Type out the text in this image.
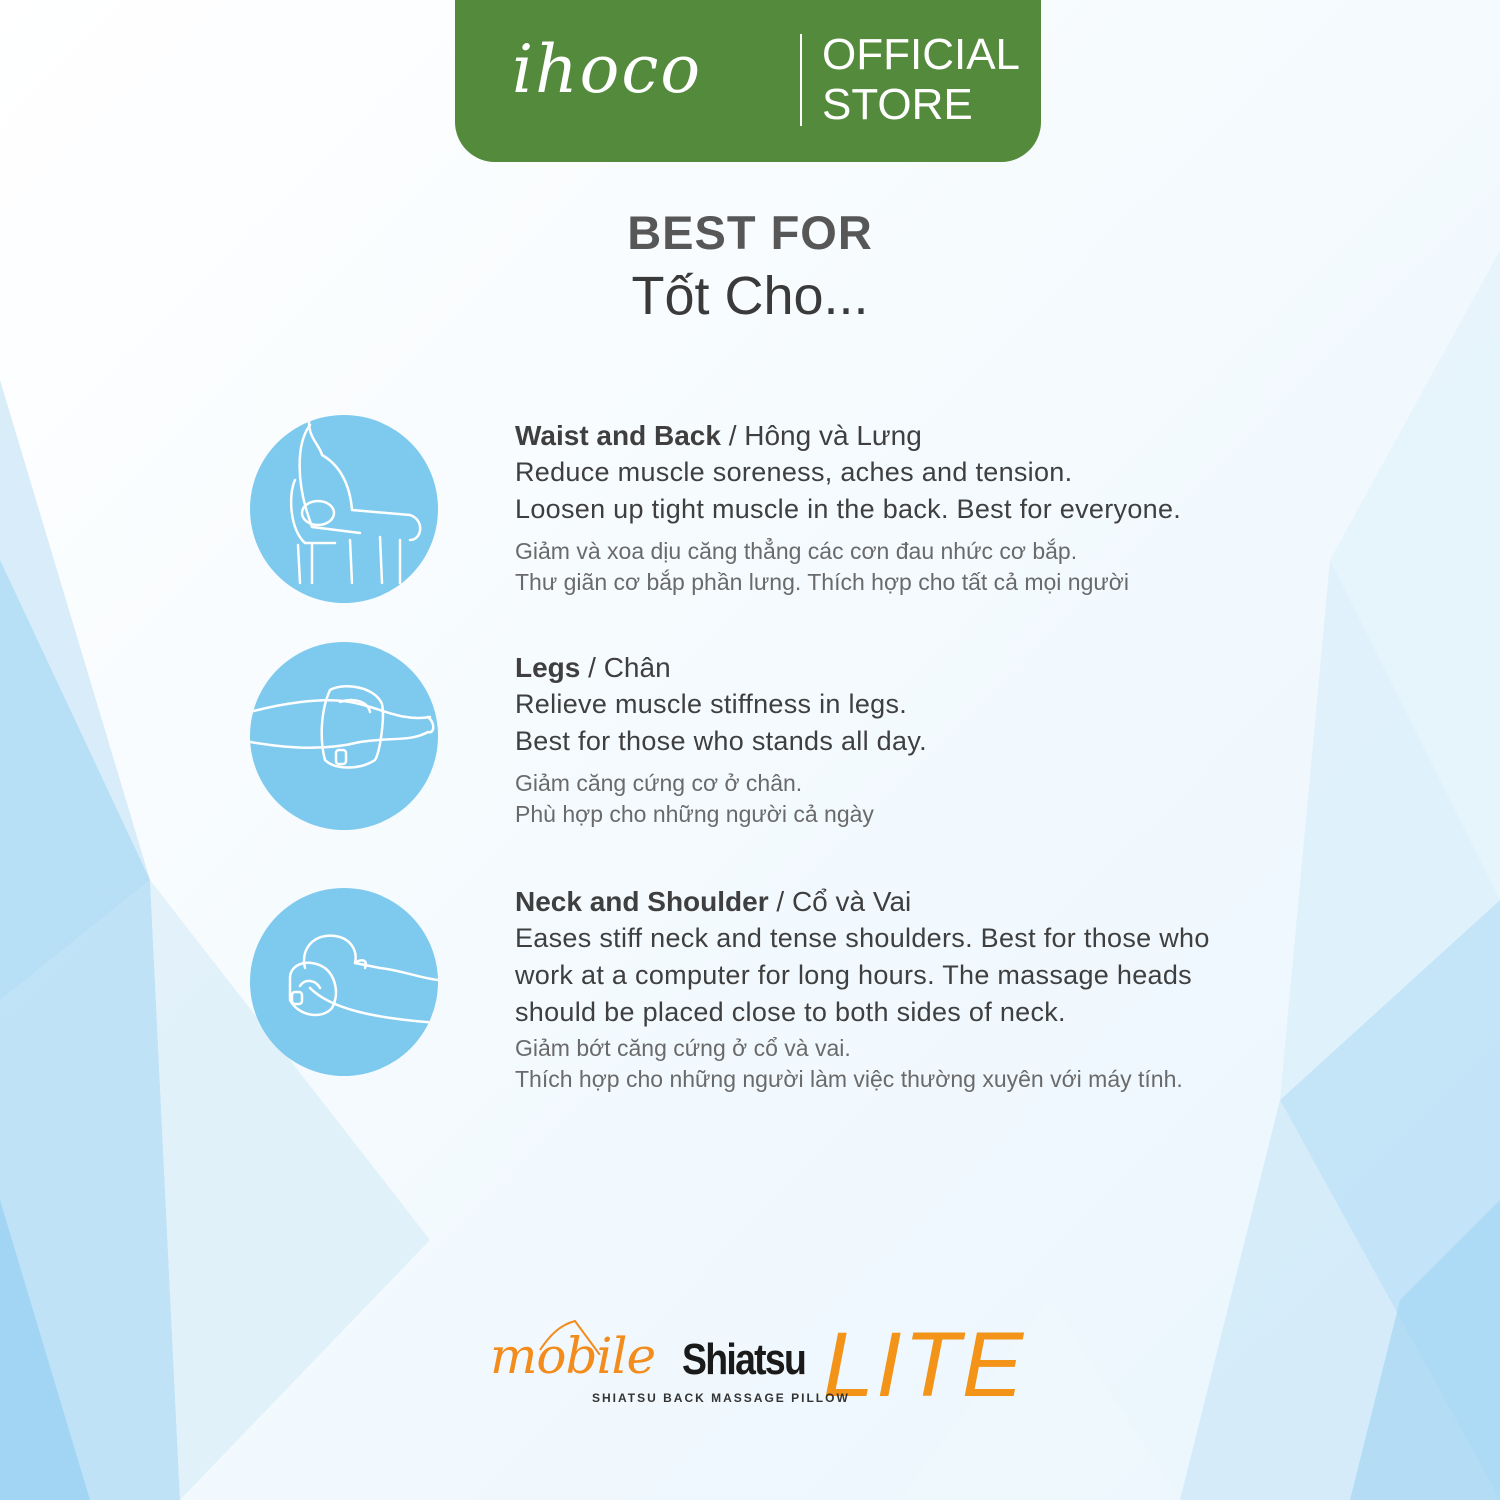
ihoco	OFFICIAL
STORE
BEST FOR
Tốt Cho...
Waist and Back / Hông và Lưng
Reduce muscle soreness, aches and tension.
Loosen up tight muscle in the back. Best for everyone.
Giảm và xoa dịu căng thẳng các cơn đau nhức cơ bắp.
Thư giãn cơ bắp phần lưng. Thích hợp cho tất cả mọi người
Legs / Chân
Relieve muscle stiffness in legs.
Best for those who stands all day.
Giảm căng cứng cơ ở chân.
Phù hợp cho những người cả ngày
Neck and Shoulder / Cổ và Vai
Eases stiff neck and tense shoulders. Best for those who
work at a computer for long hours. The massage heads
should be placed close to both sides of neck.
Giảm bớt căng cứng ở cổ và vai.
Thích hợp cho những người làm việc thường xuyên với máy tính.
mobile Shiatsu LITE
SHIATSU BACK MASSAGE PILLOW
